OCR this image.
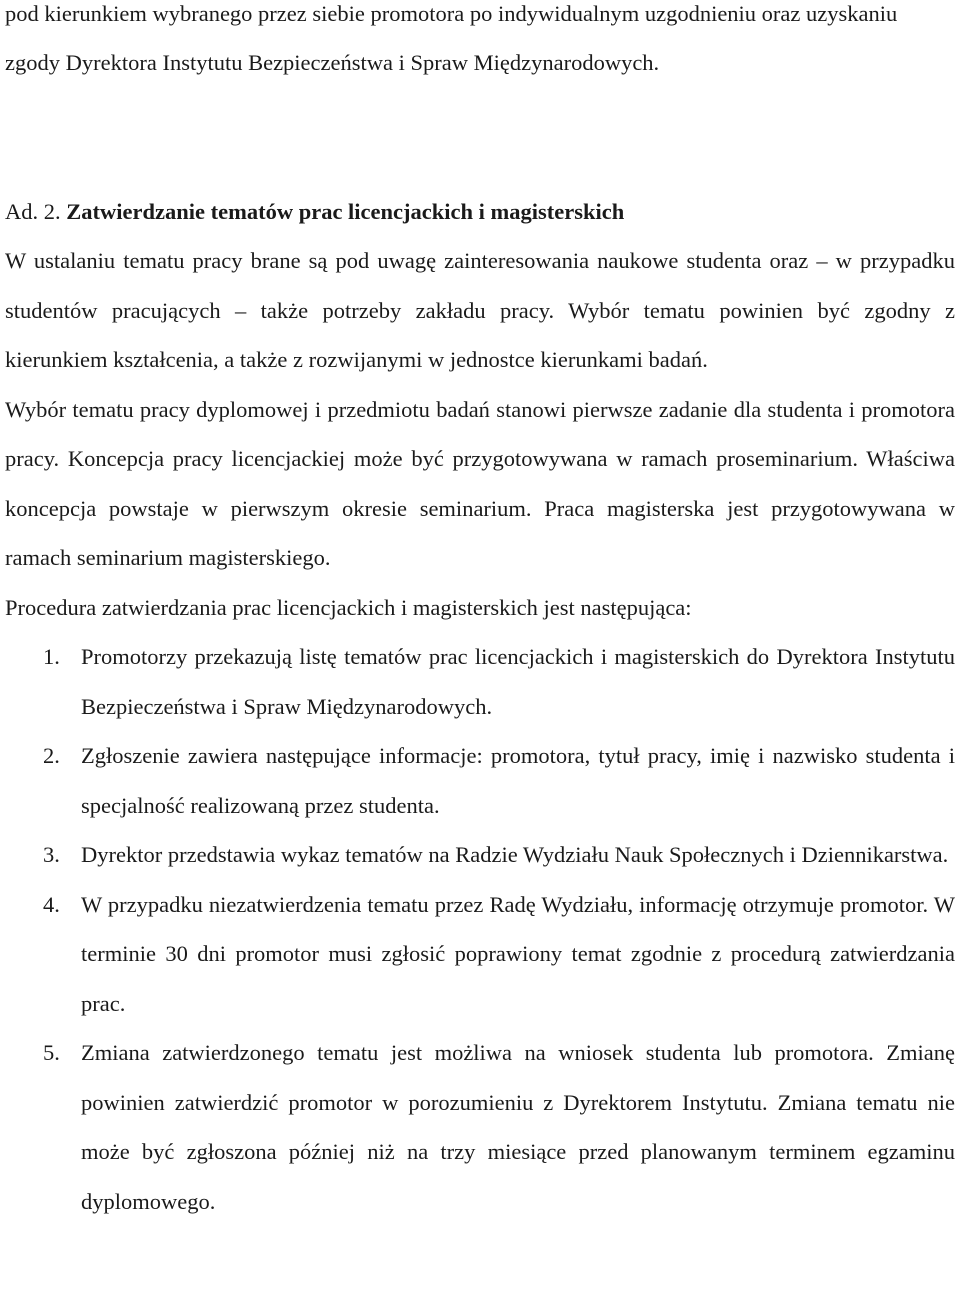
pod kierunkiem wybranego przez siebie promotora po indywidualnym uzgodnieniu oraz uzyskaniu zgody Dyrektora Instytutu Bezpieczeństwa i Spraw Międzynarodowych.

Ad. 2. Zatwierdzanie tematów prac licencjackich i magisterskich

W ustalaniu tematu pracy brane są pod uwagę zainteresowania naukowe studenta oraz – w przypadku studentów pracujących – także potrzeby zakładu pracy. Wybór tematu powinien być zgodny z kierunkiem kształcenia, a także z rozwijanymi w jednostce kierunkami badań.

Wybór tematu pracy dyplomowej i przedmiotu badań stanowi pierwsze zadanie dla studenta i promotora pracy. Koncepcja pracy licencjackiej może być przygotowywana w ramach proseminarium. Właściwa koncepcja powstaje w pierwszym okresie seminarium. Praca magisterska jest przygotowywana w ramach seminarium magisterskiego.

Procedura zatwierdzania prac licencjackich i magisterskich jest następująca:

1. Promotorzy przekazują listę tematów prac licencjackich i magisterskich do Dyrektora Instytutu Bezpieczeństwa i Spraw Międzynarodowych.
2. Zgłoszenie zawiera następujące informacje: promotora, tytuł pracy, imię i nazwisko studenta i specjalność realizowaną przez studenta.
3. Dyrektor przedstawia wykaz tematów na Radzie Wydziału Nauk Społecznych i Dziennikarstwa.
4. W przypadku niezatwierdzenia tematu przez Radę Wydziału, informację otrzymuje promotor. W terminie 30 dni promotor musi zgłosić poprawiony temat zgodnie z procedurą zatwierdzania prac.
5. Zmiana zatwierdzonego tematu jest możliwa na wniosek studenta lub promotora. Zmianę powinien zatwierdzić promotor w porozumieniu z Dyrektorem Instytutu. Zmiana tematu nie może być zgłoszona później niż na trzy miesiące przed planowanym terminem egzaminu dyplomowego.
